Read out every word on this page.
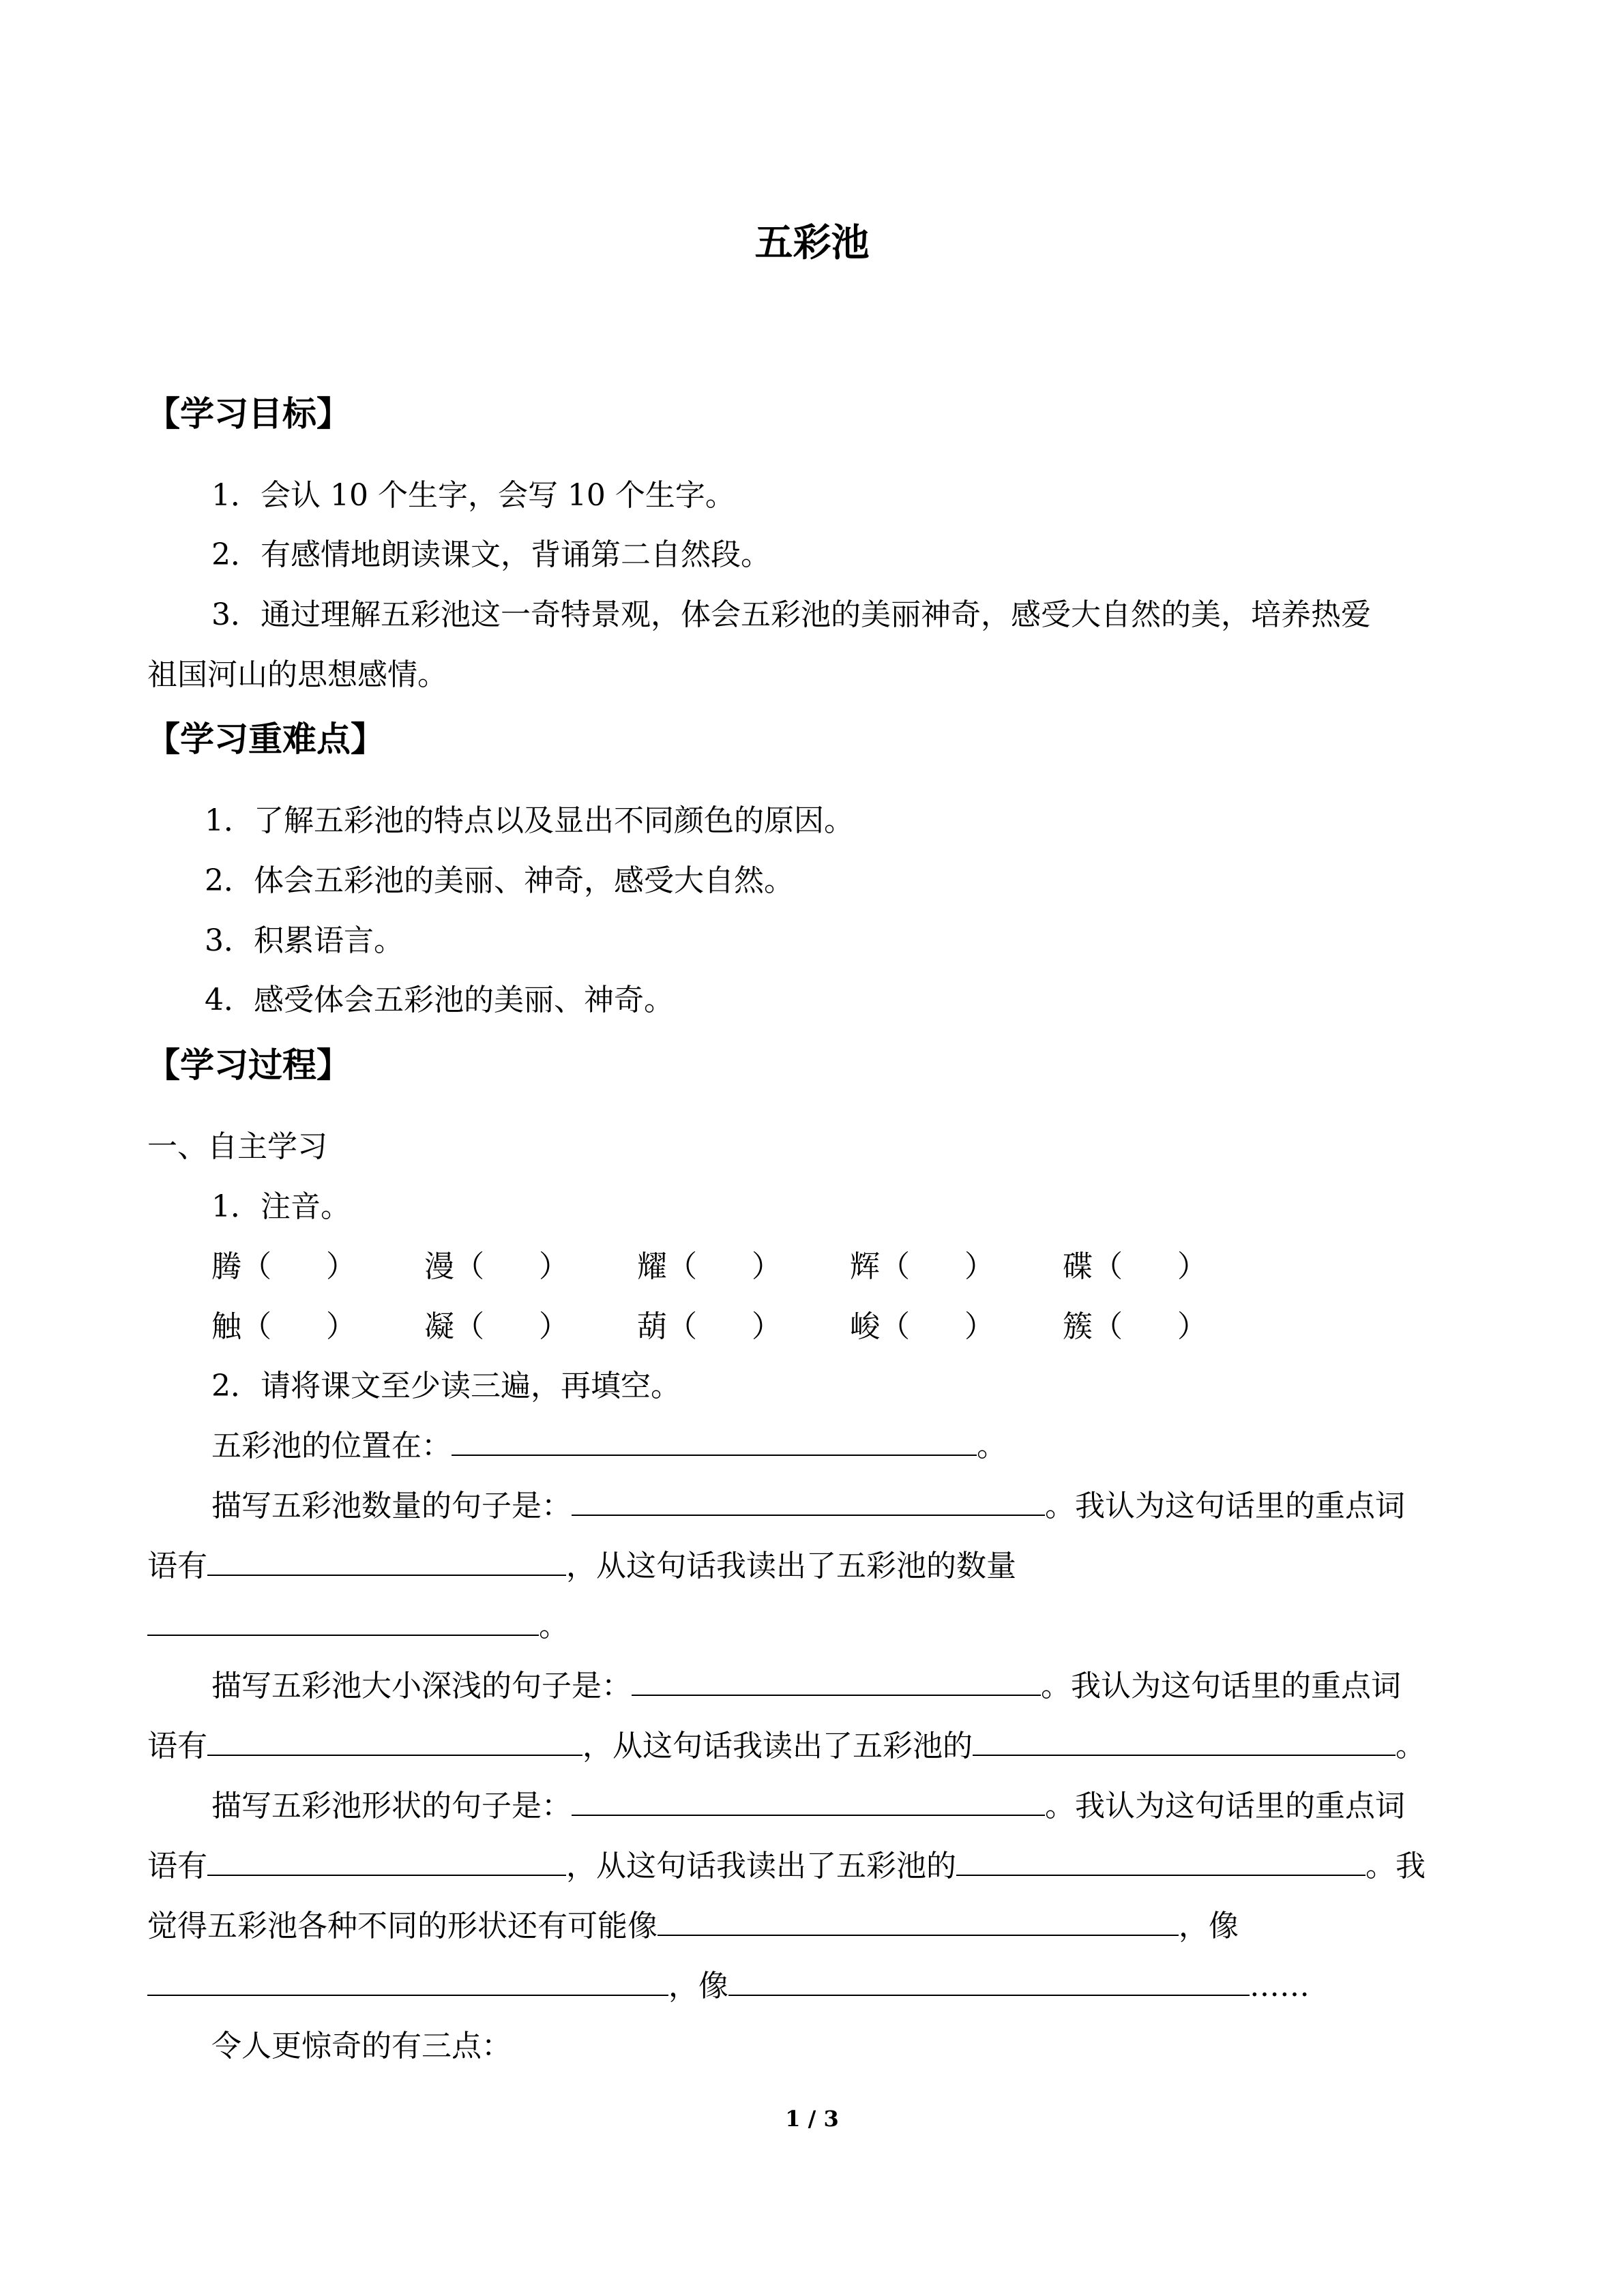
五彩池
【学习目标】
1．会认 10 个生字，会写 10 个生字。
2．有感情地朗读课文，背诵第二自然段。
3．通过理解五彩池这一奇特景观，体会五彩池的美丽神奇，感受大自然的美，培养热爱
祖国河山的思想感情。
【学习重难点】
1．了解五彩池的特点以及显出不同颜色的原因。
2．体会五彩池的美丽、神奇，感受大自然。
3．积累语言。
4．感受体会五彩池的美丽、神奇。
【学习过程】
一、自主学习
1．注音。
腾（ ） 漫（ ） 耀（ ） 辉（ ） 碟（ ）
触（ ） 凝（ ） 葫（ ） 峻（ ） 簇（ ）
2．请将课文至少读三遍，再填空。
五彩池的位置在：	。
描写五彩池数量的句子是：	。我认为这句话里的重点词
语有	，从这句话我读出了五彩池的数量
。
描写五彩池大小深浅的句子是：	。我认为这句话里的重点词
语有	，从这句话我读出了五彩池的	。
描写五彩池形状的句子是：	。我认为这句话里的重点词
语有	，从这句话我读出了五彩池的	。我
觉得五彩池各种不同的形状还有可能像	，像
，像	……
令人更惊奇的有三点：
1 / 3
